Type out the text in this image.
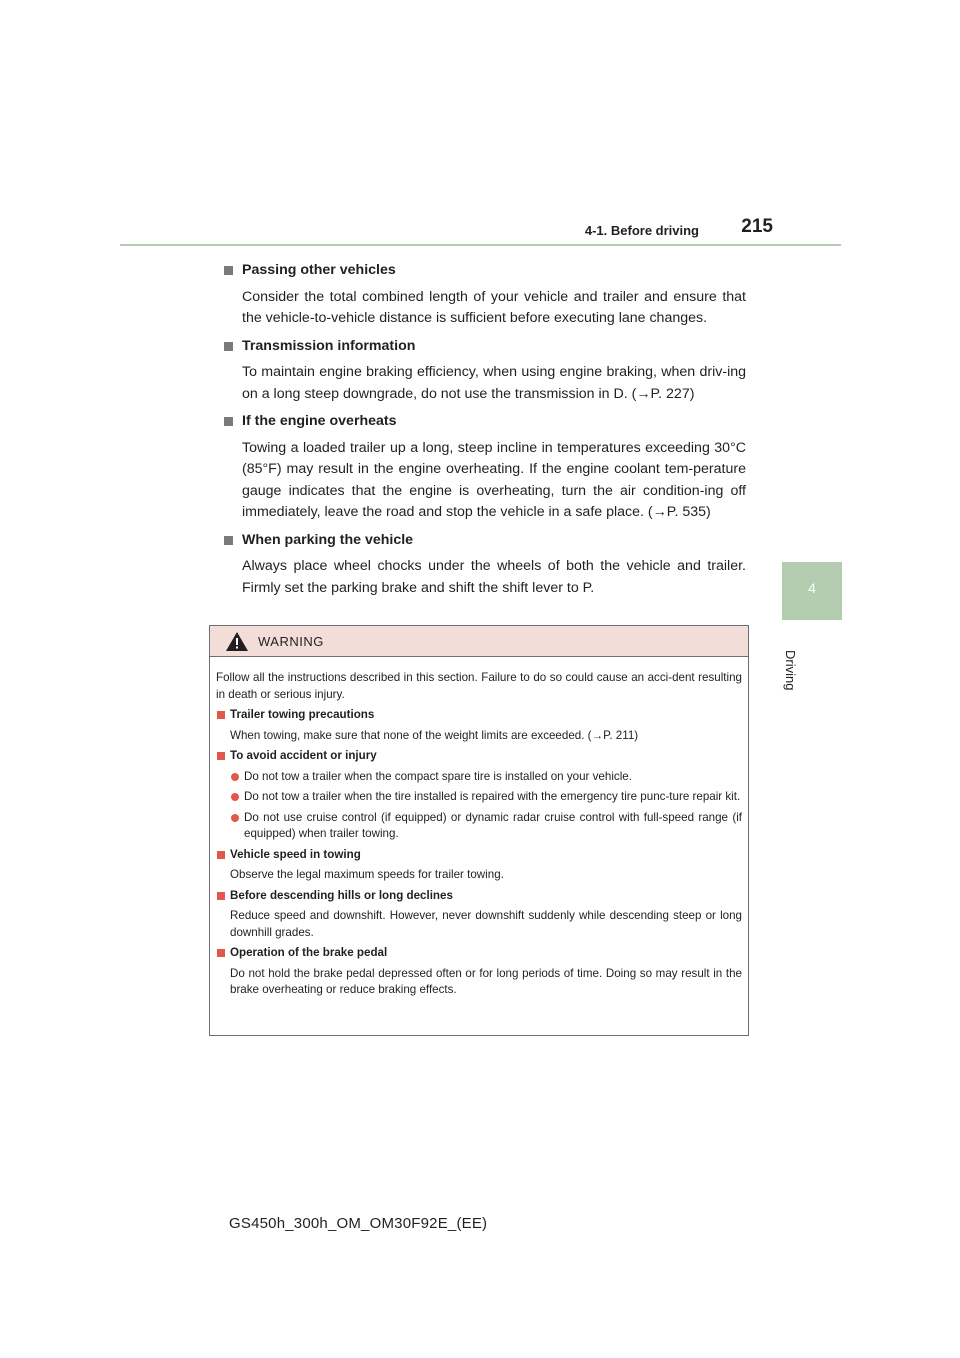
4-1. Before driving 215
4
Driving
Passing other vehicles
Consider the total combined length of your vehicle and trailer and ensure that the vehicle-to-vehicle distance is sufficient before executing lane changes.
Transmission information
To maintain engine braking efficiency, when using engine braking, when driv-ing on a long steep downgrade, do not use the transmission in D. (→P. 227)
If the engine overheats
Towing a loaded trailer up a long, steep incline in temperatures exceeding 30°C (85°F) may result in the engine overheating. If the engine coolant tem-perature gauge indicates that the engine is overheating, turn the air condition-ing off immediately, leave the road and stop the vehicle in a safe place. (→P. 535)
When parking the vehicle
Always place wheel chocks under the wheels of both the vehicle and trailer. Firmly set the parking brake and shift the shift lever to P.
WARNING
Follow all the instructions described in this section. Failure to do so could cause an acci-dent resulting in death or serious injury.
Trailer towing precautions
When towing, make sure that none of the weight limits are exceeded. (→P. 211)
To avoid accident or injury
Do not tow a trailer when the compact spare tire is installed on your vehicle.
Do not tow a trailer when the tire installed is repaired with the emergency tire punc-ture repair kit.
Do not use cruise control (if equipped) or dynamic radar cruise control with full-speed range (if equipped) when trailer towing.
Vehicle speed in towing
Observe the legal maximum speeds for trailer towing.
Before descending hills or long declines
Reduce speed and downshift. However, never downshift suddenly while descending steep or long downhill grades.
Operation of the brake pedal
Do not hold the brake pedal depressed often or for long periods of time. Doing so may result in the brake overheating or reduce braking effects.
GS450h_300h_OM_OM30F92E_(EE)
